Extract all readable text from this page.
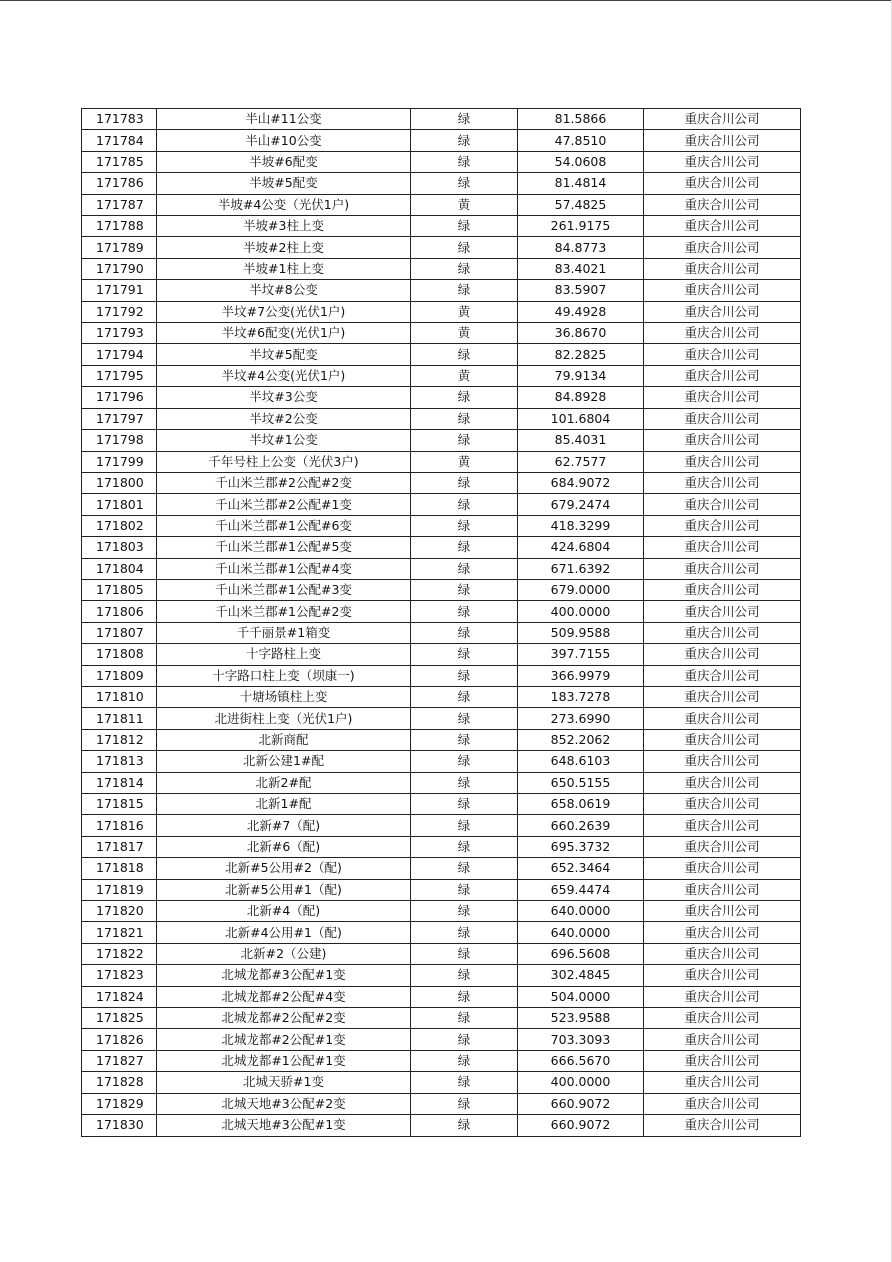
171783	半山#11公变	绿	81.5866	重庆合川公司
171784	半山#10公变	绿	47.8510	重庆合川公司
171785	半坡#6配变	绿	54.0608	重庆合川公司
171786	半坡#5配变	绿	81.4814	重庆合川公司
171787	半坡#4公变（光伏1户)	黄	57.4825	重庆合川公司
171788	半坡#3柱上变	绿	261.9175	重庆合川公司
171789	半坡#2柱上变	绿	84.8773	重庆合川公司
171790	半坡#1柱上变	绿	83.4021	重庆合川公司
171791	半坟#8公变	绿	83.5907	重庆合川公司
171792	半坟#7公变(光伏1户)	黄	49.4928	重庆合川公司
171793	半坟#6配变(光伏1户)	黄	36.8670	重庆合川公司
171794	半坟#5配变	绿	82.2825	重庆合川公司
171795	半坟#4公变(光伏1户)	黄	79.9134	重庆合川公司
171796	半坟#3公变	绿	84.8928	重庆合川公司
171797	半坟#2公变	绿	101.6804	重庆合川公司
171798	半坟#1公变	绿	85.4031	重庆合川公司
171799	千年号柱上公变（光伏3户)	黄	62.7577	重庆合川公司
171800	千山米兰郡#2公配#2变	绿	684.9072	重庆合川公司
171801	千山米兰郡#2公配#1变	绿	679.2474	重庆合川公司
171802	千山米兰郡#1公配#6变	绿	418.3299	重庆合川公司
171803	千山米兰郡#1公配#5变	绿	424.6804	重庆合川公司
171804	千山米兰郡#1公配#4变	绿	671.6392	重庆合川公司
171805	千山米兰郡#1公配#3变	绿	679.0000	重庆合川公司
171806	千山米兰郡#1公配#2变	绿	400.0000	重庆合川公司
171807	千千丽景#1箱变	绿	509.9588	重庆合川公司
171808	十字路柱上变	绿	397.7155	重庆合川公司
171809	十字路口柱上变（坝康一)	绿	366.9979	重庆合川公司
171810	十塘场镇柱上变	绿	183.7278	重庆合川公司
171811	北进街柱上变（光伏1户)	绿	273.6990	重庆合川公司
171812	北新商配	绿	852.2062	重庆合川公司
171813	北新公建1#配	绿	648.6103	重庆合川公司
171814	北新2#配	绿	650.5155	重庆合川公司
171815	北新1#配	绿	658.0619	重庆合川公司
171816	北新#7（配)	绿	660.2639	重庆合川公司
171817	北新#6（配)	绿	695.3732	重庆合川公司
171818	北新#5公用#2（配)	绿	652.3464	重庆合川公司
171819	北新#5公用#1（配)	绿	659.4474	重庆合川公司
171820	北新#4（配)	绿	640.0000	重庆合川公司
171821	北新#4公用#1（配)	绿	640.0000	重庆合川公司
171822	北新#2（公建)	绿	696.5608	重庆合川公司
171823	北城龙都#3公配#1变	绿	302.4845	重庆合川公司
171824	北城龙都#2公配#4变	绿	504.0000	重庆合川公司
171825	北城龙都#2公配#2变	绿	523.9588	重庆合川公司
171826	北城龙都#2公配#1变	绿	703.3093	重庆合川公司
171827	北城龙都#1公配#1变	绿	666.5670	重庆合川公司
171828	北城天骄#1变	绿	400.0000	重庆合川公司
171829	北城天地#3公配#2变	绿	660.9072	重庆合川公司
171830	北城天地#3公配#1变	绿	660.9072	重庆合川公司
